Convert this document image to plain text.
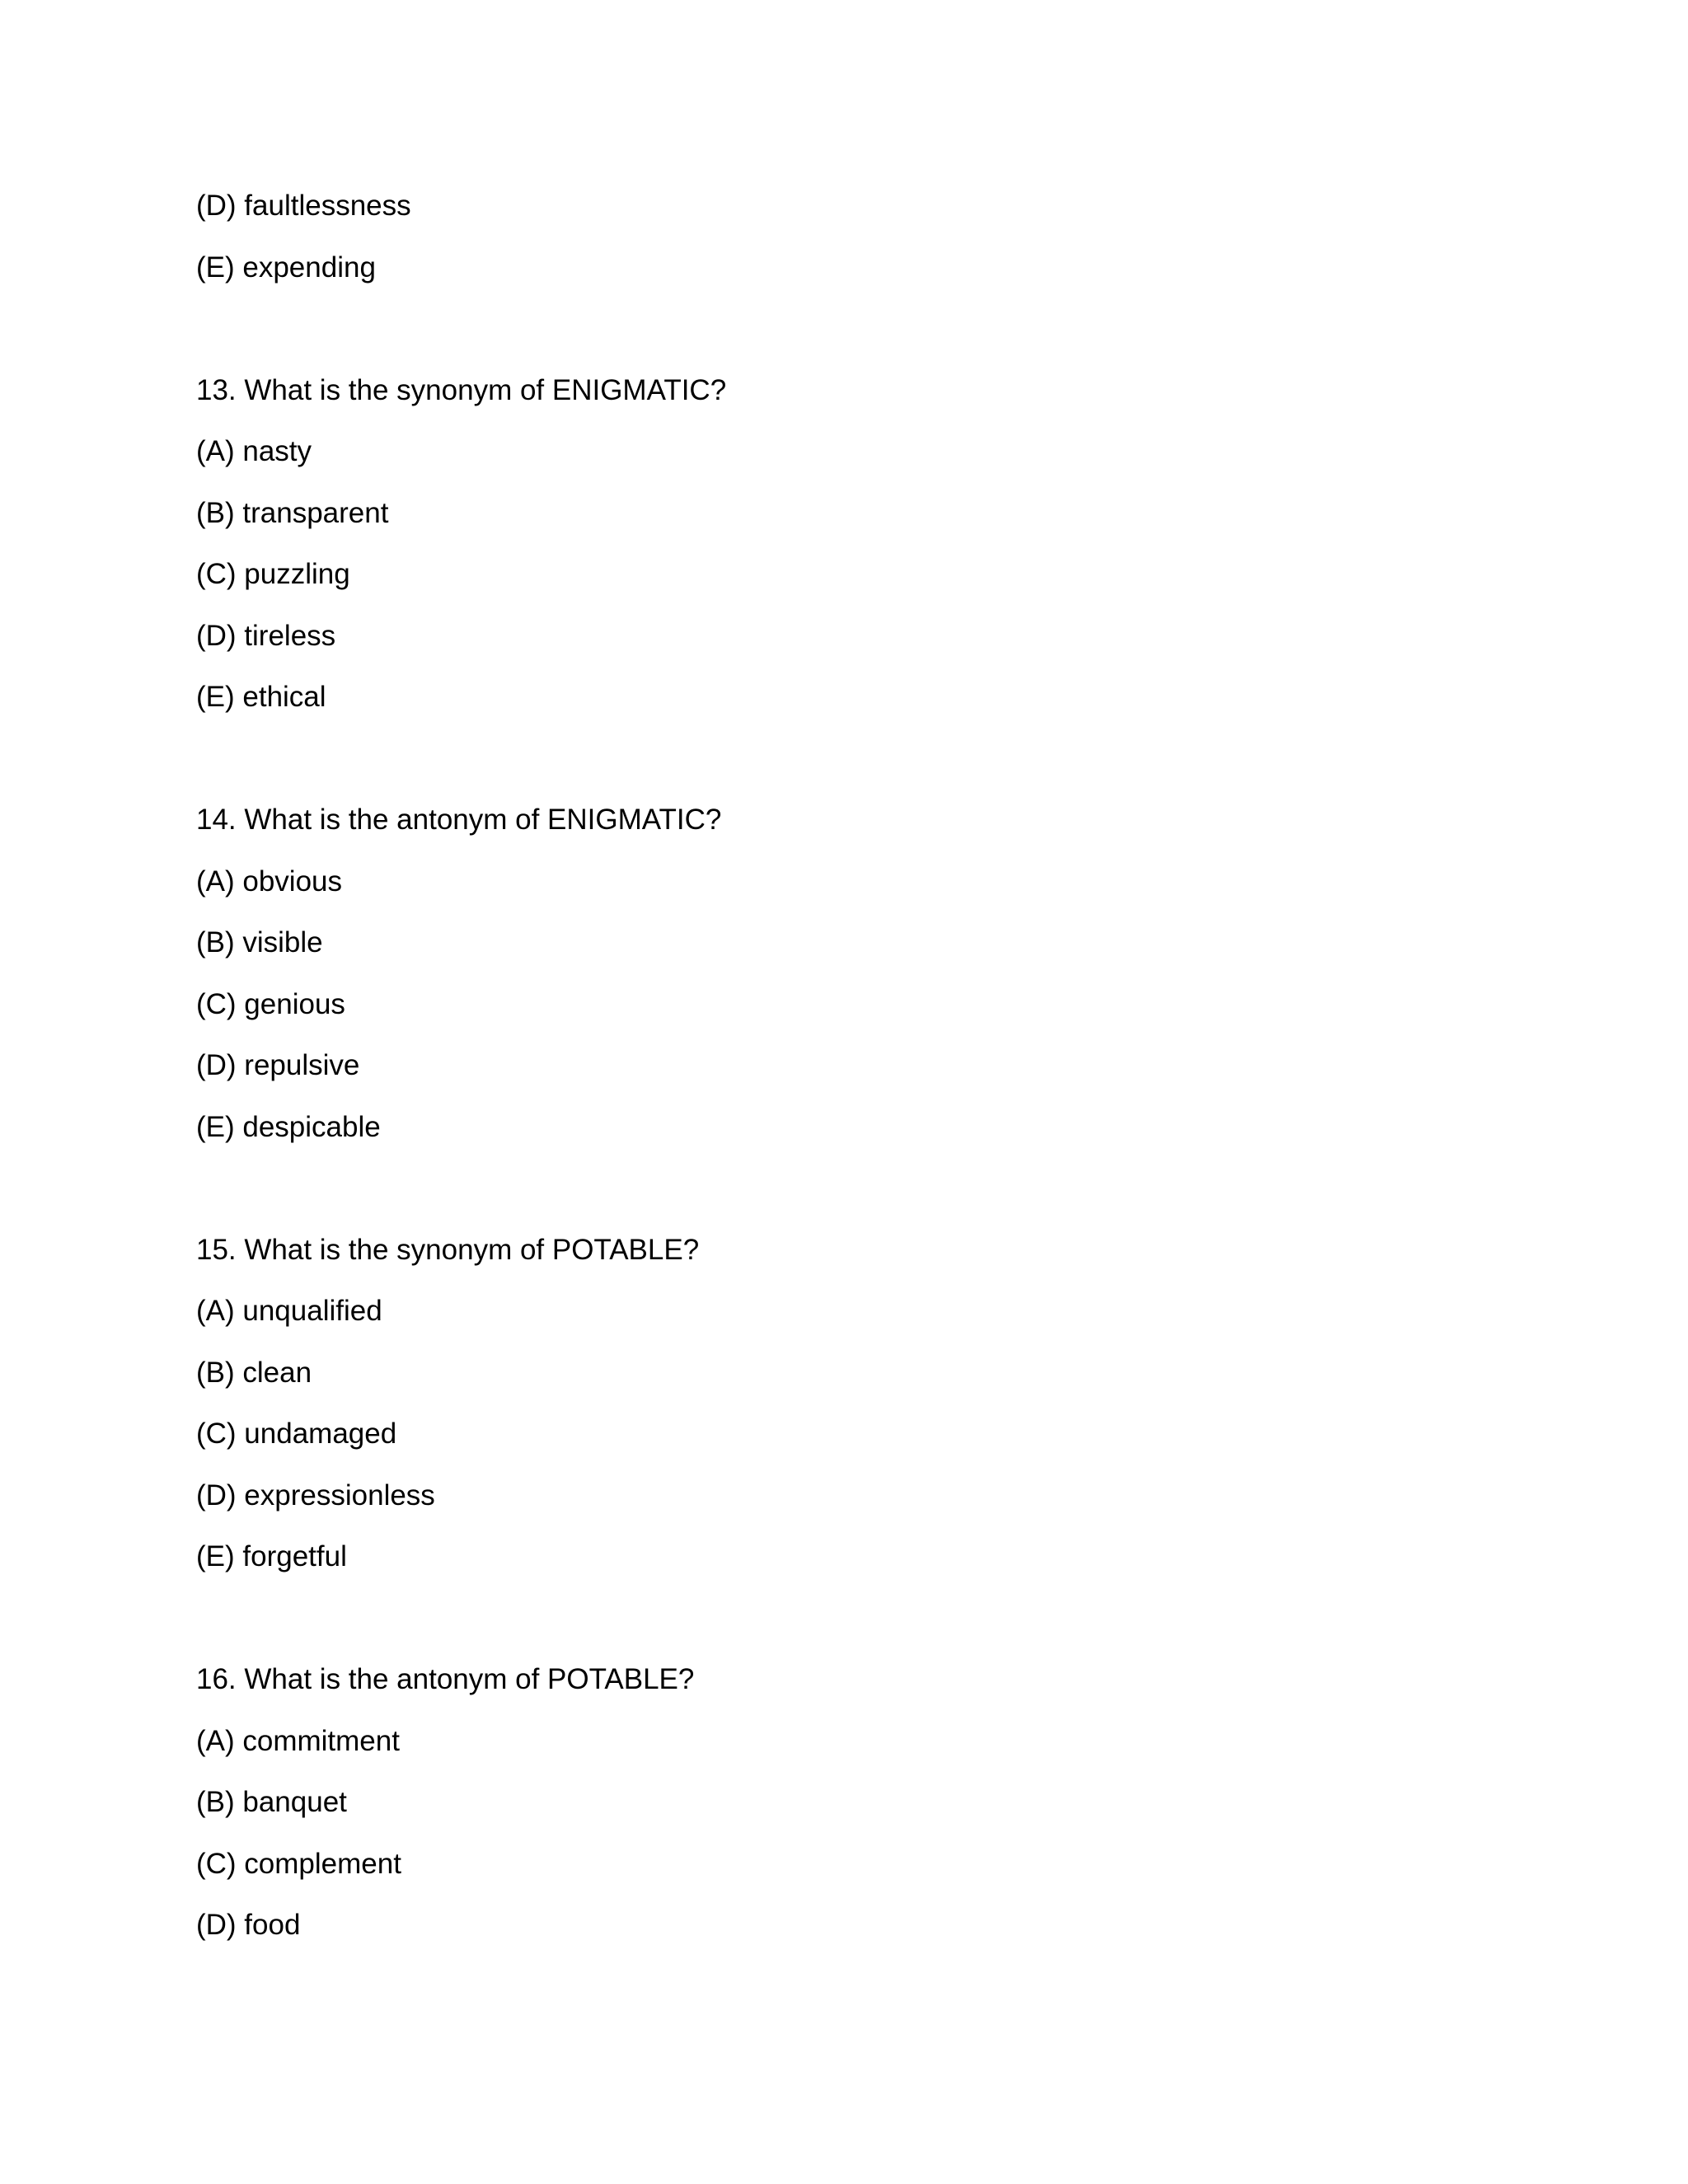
(D) faultlessness
(E) expending
13. What is the synonym of ENIGMATIC?
(A) nasty
(B) transparent
(C) puzzling
(D) tireless
(E) ethical
14. What is the antonym of ENIGMATIC?
(A) obvious
(B) visible
(C) genious
(D) repulsive
(E) despicable
15. What is the synonym of POTABLE?
(A) unqualified
(B) clean
(C) undamaged
(D) expressionless
(E) forgetful
16. What is the antonym of POTABLE?
(A) commitment
(B) banquet
(C) complement
(D) food
